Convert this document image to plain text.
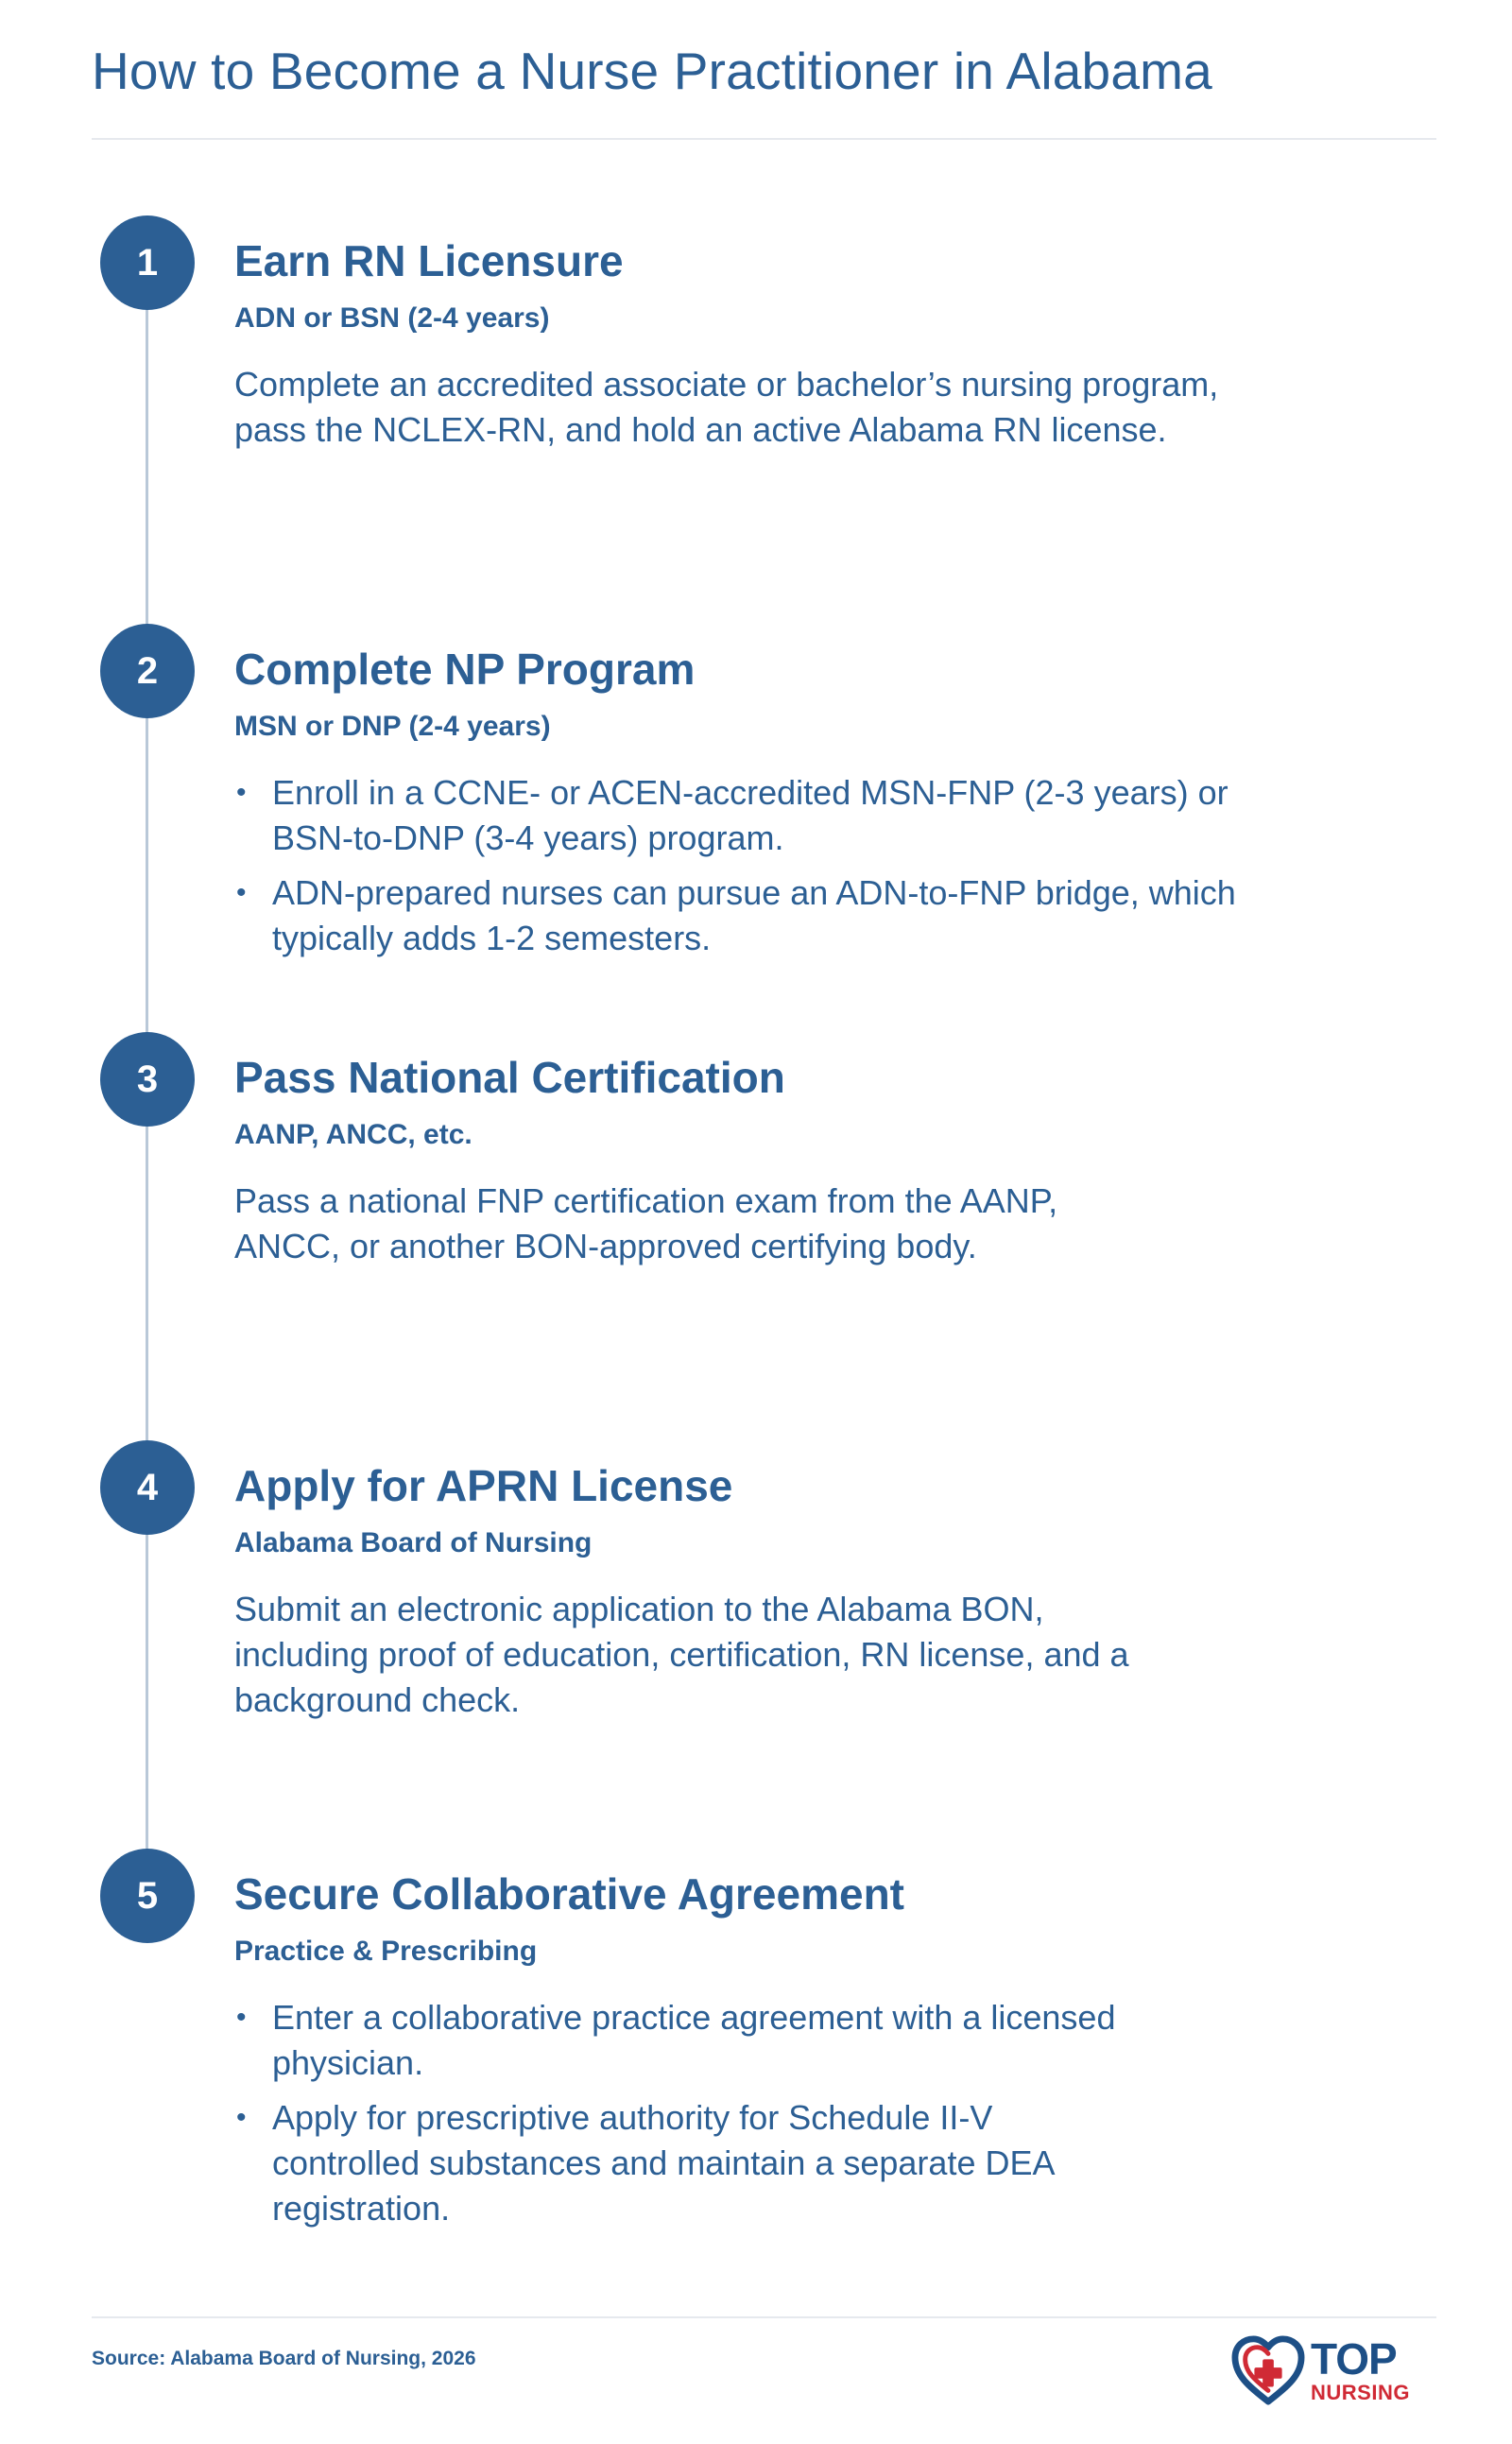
How to Become a Nurse Practitioner in Alabama
1	Earn RN Licensure
ADN or BSN (2-4 years)
Complete an accredited associate or bachelor’s nursing program, pass the NCLEX-RN, and hold an active Alabama RN license.
2	Complete NP Program
MSN or DNP (2-4 years)
• Enroll in a CCNE- or ACEN-accredited MSN-FNP (2-3 years) or BSN-to-DNP (3-4 years) program.
• ADN-prepared nurses can pursue an ADN-to-FNP bridge, which typically adds 1-2 semesters.
3	Pass National Certification
AANP, ANCC, etc.
Pass a national FNP certification exam from the AANP, ANCC, or another BON-approved certifying body.
4	Apply for APRN License
Alabama Board of Nursing
Submit an electronic application to the Alabama BON, including proof of education, certification, RN license, and a background check.
5	Secure Collaborative Agreement
Practice & Prescribing
• Enter a collaborative practice agreement with a licensed physician.
• Apply for prescriptive authority for Schedule II-V controlled substances and maintain a separate DEA registration.
Source: Alabama Board of Nursing, 2026	TOP
NURSING
